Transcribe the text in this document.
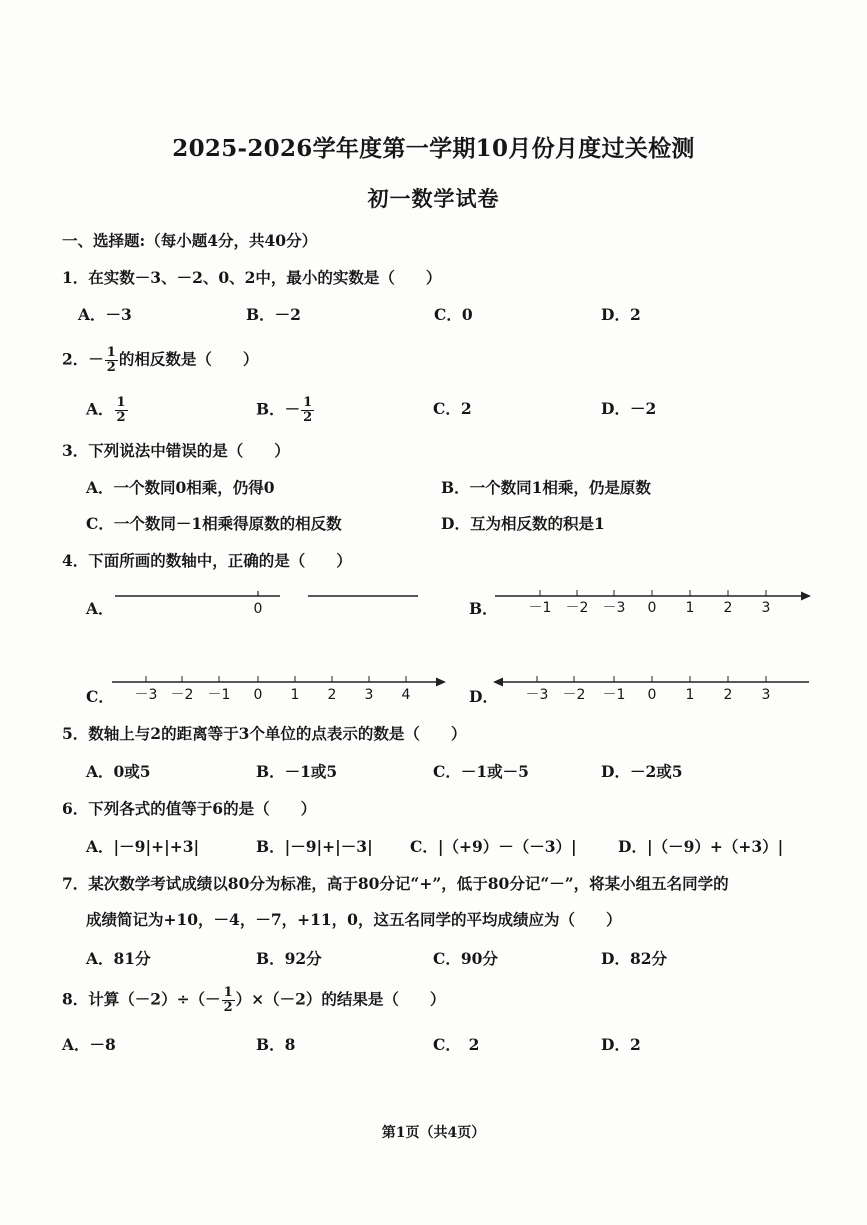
2025-2026学年度第一学期10月份月度过关检测
初一数学试卷
一、选择题:（每小题4分，共40分）
1．在实数－3、－2、0、2中，最小的实数是（　　）
A．－3	B．－2	C．0	D．2
2．－ $\frac{1}{2}$ 的相反数是（　　）
A． $\frac{1}{2}$	B．－ $\frac{1}{2}$	C．2	D．－2
3．下列说法中错误的是（　　）
A．一个数同0相乘，仍得0	B．一个数同1相乘，仍是原数
C．一个数同－1相乘得原数的相反数	D．互为相反数的积是1
4．下面所画的数轴中，正确的是（　　）
A．	0	B． －1 －2 －3 0 1 2 3
C． －3 －2 －1 0 1 2 3 4	D． －3 －2 －1 0 1 2 3
5．数轴上与2的距离等于3个单位的点表示的数是（　　）
A．0或5	B．－1或5	C．－1或－5	D．－2或5
6．下列各式的值等于6的是（　　）
A．|－9|+|+3|	B．|－9|+|－3| C．|（+9）－（－3）|	D．|（－9）+（+3）|
7．某次数学考试成绩以80分为标准，高于80分记“+”，低于80分记“－”，将某小组五名同学的
成绩简记为+10，－4，－7，+11，0，这五名同学的平均成绩应为（　　）
A．81分	B．92分	C．90分	D．82分
8．计算$(-2)\div(- \frac{1}{2} )\times(-2)$的结果是（　　）
A．－8	B．8	C．　2	D．2
第1页（共4页）
